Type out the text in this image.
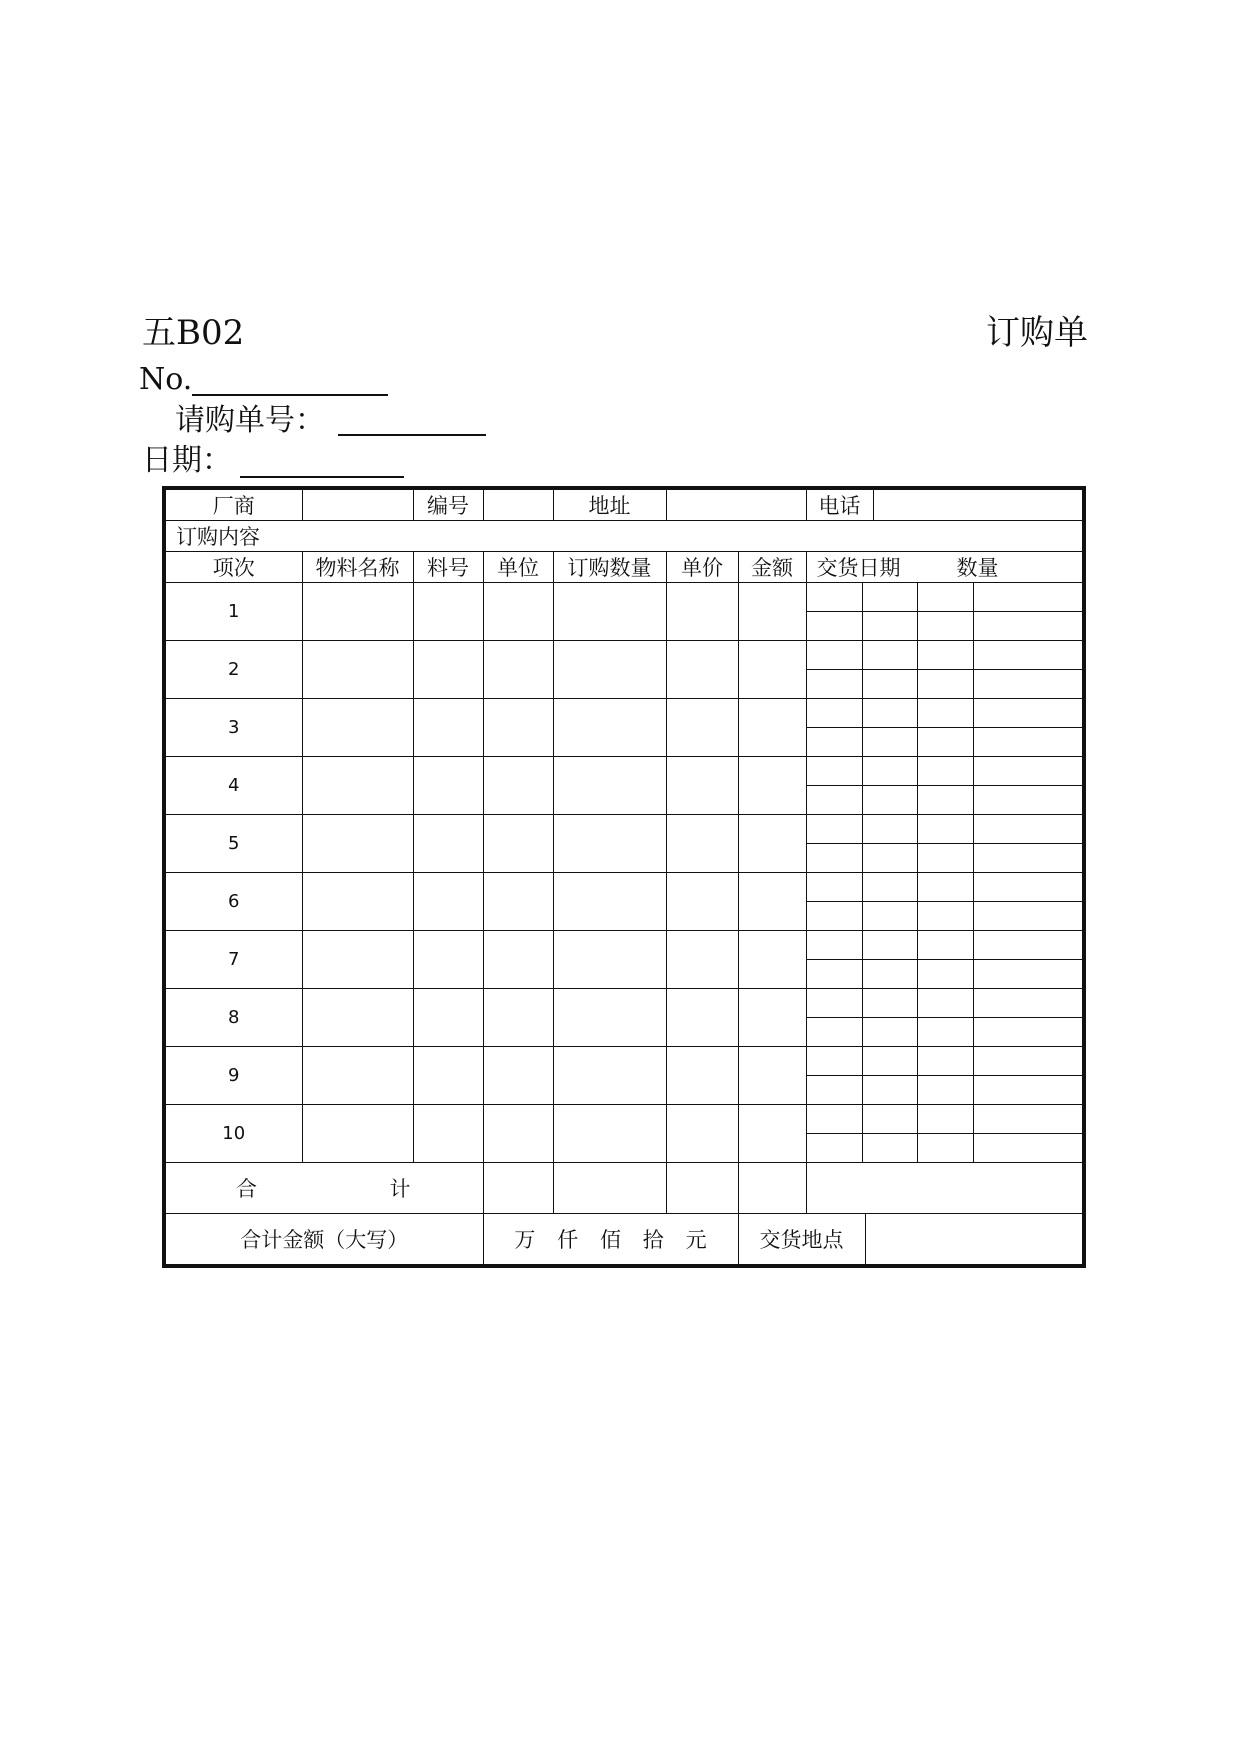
五B02	订购单
No.
请购单号：
日期：
厂商		编号		地址			电话

订购内容							
项次	物料名称	料号	单位	订购数量	单价	金额	交货日期 数量
1							

2							

3							

4							

5							

6							

7							

8							

9							

10							

合 计							

合计金额（大写）			万 仟 佰 拾 元			交货地点	
